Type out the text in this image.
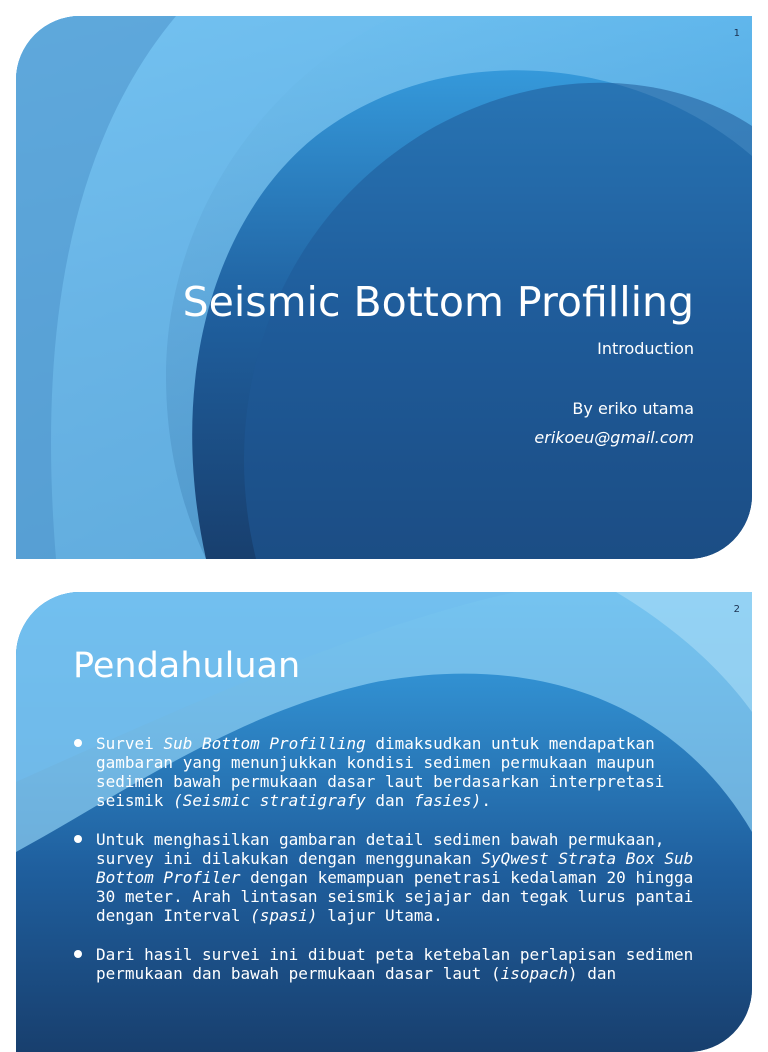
1
Seismic Bottom Profilling
Introduction
By eriko utama
erikoeu@gmail.com
2
Pendahuluan
Survei Sub Bottom Profilling dimaksudkan untuk mendapatkan gambaran yang menunjukkan kondisi sedimen permukaan maupun sedimen bawah permukaan dasar laut berdasarkan interpretasi seismik (Seismic stratigrafy dan fasies).
Untuk menghasilkan gambaran detail sedimen bawah permukaan, survey ini dilakukan dengan menggunakan SyQwest Strata Box Sub Bottom Profiler dengan kemampuan penetrasi kedalaman 20 hingga 30 meter. Arah lintasan seismik sejajar dan tegak lurus pantai dengan Interval (spasi) lajur Utama.
Dari hasil survei ini dibuat peta ketebalan perlapisan sedimen permukaan dan bawah permukaan dasar laut (isopach) dan
